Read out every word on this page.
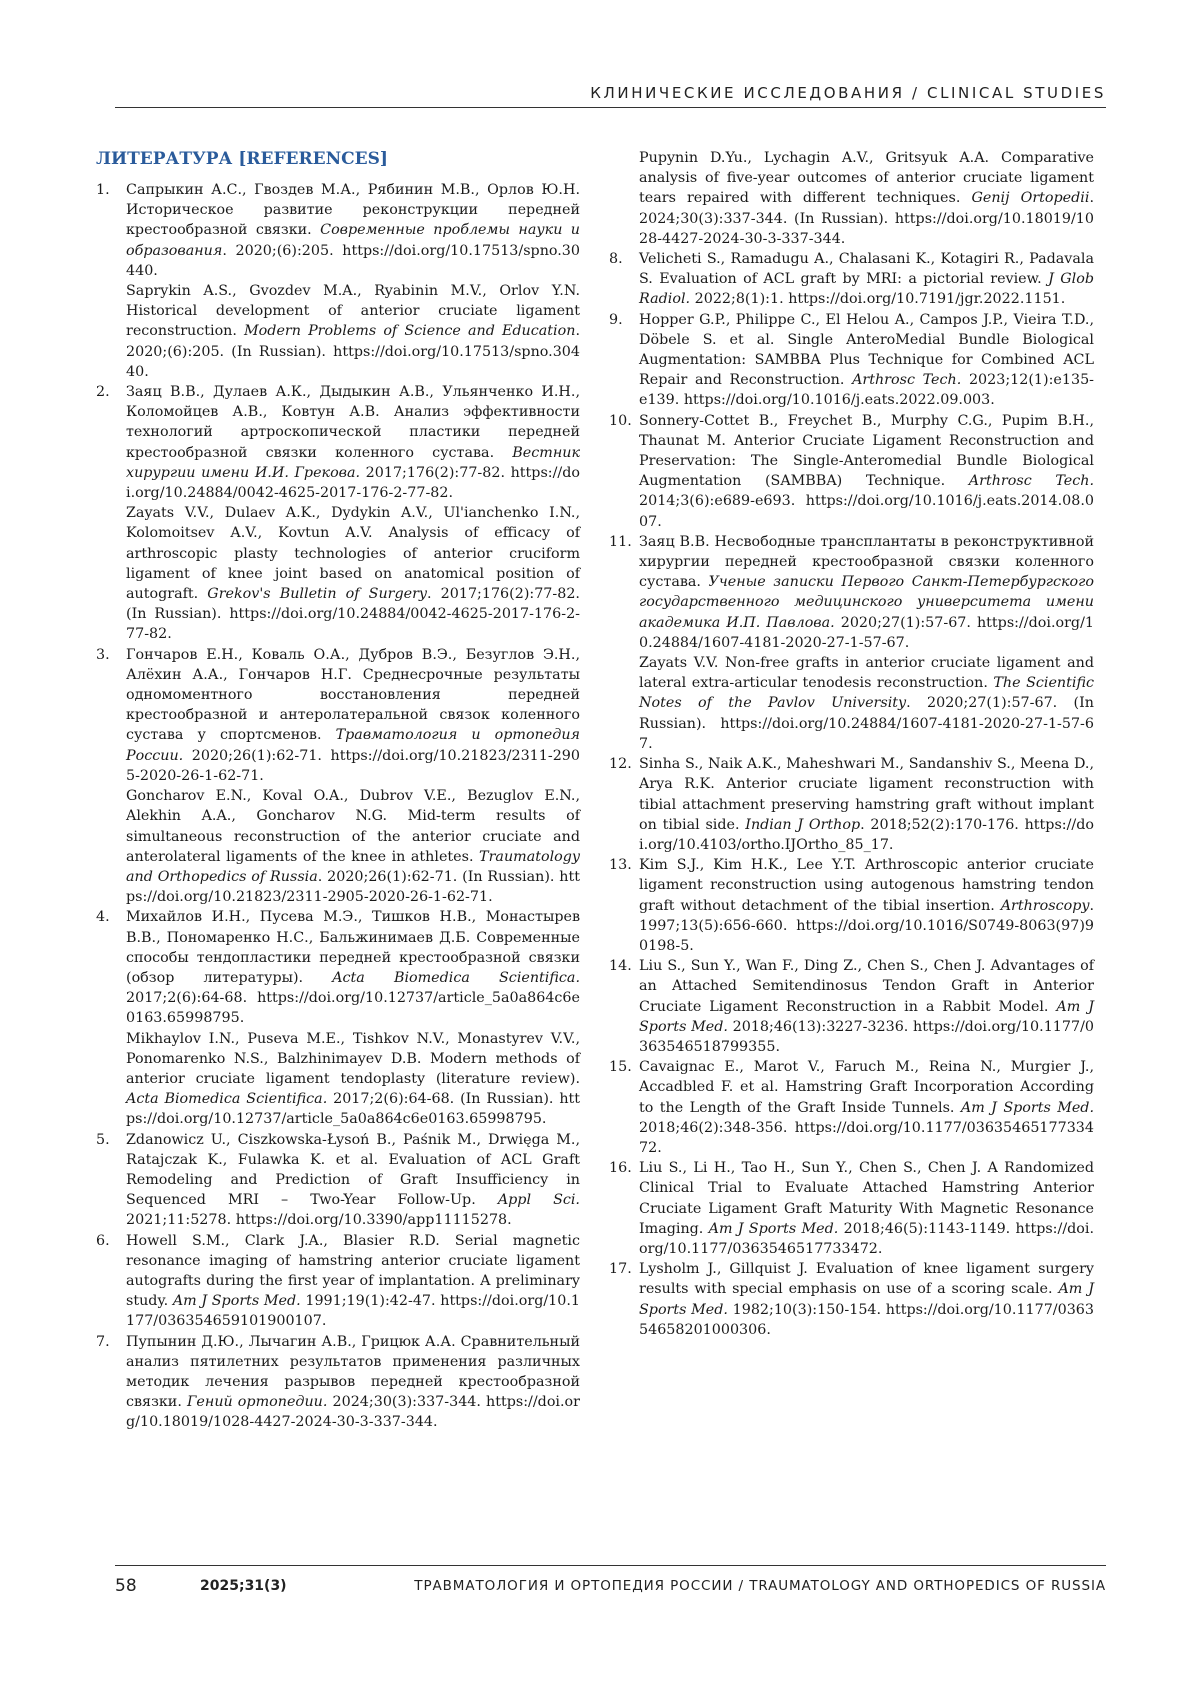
КЛИНИЧЕСКИЕ ИССЛЕДОВАНИЯ / CLINICAL STUDIES
ЛИТЕРАТУРА [REFERENCES]
1. Сапрыкин А.С., Гвоздев М.А., Рябинин М.В., Орлов Ю.Н. Историческое развитие реконструкции передней крестообразной связки. Современные проблемы науки и образования. 2020;(6):205. https://doi.org/10.17513/spno.30440.

Saprykin A.S., Gvozdev M.A., Ryabinin M.V., Orlov Y.N. Historical development of anterior cruciate ligament reconstruction. Modern Problems of Science and Education. 2020;(6):205. (In Russian). https://doi.org/10.17513/spno.30440.

2. Заяц В.В., Дулаев А.К., Дыдыкин А.В., Ульянченко И.Н., Коломойцев А.В., Ковтун А.В. Анализ эффективности технологий артроскопической пластики передней крестообразной связки коленного сустава. Вестник хирургии имени И.И. Грекова. 2017;176(2):77-82. https://doi.org/10.24884/0042-4625-2017-176-2-77-82.

Zayats V.V., Dulaev A.K., Dydykin A.V., Ul'ianchenko I.N., Kolomoitsev A.V., Kovtun A.V. Analysis of efficacy of arthroscopic plasty technologies of anterior cruciform ligament of knee joint based on anatomical position of autograft. Grekov's Bulletin of Surgery. 2017;176(2):77-82. (In Russian). https://doi.org/10.24884/0042-4625-2017-176-2-77-82.

3. Гончаров Е.Н., Коваль О.А., Дубров В.Э., Безуглов Э.Н., Алёхин А.А., Гончаров Н.Г. Среднесрочные результаты одномоментного восстановления передней крестообразной и антеролатеральной связок коленного сустава у спортсменов. Травматология и ортопедия России. 2020;26(1):62-71. https://doi.org/10.21823/2311-2905-2020-26-1-62-71.

Goncharov E.N., Koval O.A., Dubrov V.E., Bezuglov E.N., Alekhin A.A., Goncharov N.G. Mid-term results of simultaneous reconstruction of the anterior cruciate and anterolateral ligaments of the knee in athletes. Traumatology and Orthopedics of Russia. 2020;26(1):62-71. (In Russian). https://doi.org/10.21823/2311-2905-2020-26-1-62-71.

4. Михайлов И.Н., Пусева М.Э., Тишков Н.В., Монастырев В.В., Пономаренко Н.С., Бальжинимаев Д.Б. Современные способы тендопластики передней крестообразной связки (обзор литературы). Acta Biomedica Scientifica. 2017;2(6):64-68. https://doi.org/10.12737/article_5a0a864c6e0163.65998795.

Mikhaylov I.N., Puseva M.E., Tishkov N.V., Monastyrev V.V., Ponomarenko N.S., Balzhinimayev D.B. Modern methods of anterior cruciate ligament tendoplasty (literature review). Acta Biomedica Scientifica. 2017;2(6):64-68. (In Russian). https://doi.org/10.12737/article_5a0a864c6e0163.65998795.

5. Zdanowicz U., Ciszkowska-Łysoń B., Paśnik M., Drwięga M., Ratajczak K., Fulawka K. et al. Evaluation of ACL Graft Remodeling and Prediction of Graft Insufficiency in Sequenced MRI – Two-Year Follow-Up. Appl Sci. 2021;11:5278. https://doi.org/10.3390/app11115278.

6. Howell S.M., Clark J.A., Blasier R.D. Serial magnetic resonance imaging of hamstring anterior cruciate ligament autografts during the first year of implantation. A preliminary study. Am J Sports Med. 1991;19(1):42-47. https://doi.org/10.1177/036354659101900107.

7. Пупынин Д.Ю., Лычагин А.В., Грицюк А.А. Сравнительный анализ пятилетних результатов применения различных методик лечения разрывов передней крестообразной связки. Гений ортопедии. 2024;30(3):337-344. https://doi.org/10.18019/1028-4427-2024-30-3-337-344.

Pupynin D.Yu., Lychagin A.V., Gritsyuk A.A. Comparative analysis of five-year outcomes of anterior cruciate ligament tears repaired with different techniques. Genij Ortopedii. 2024;30(3):337-344. (In Russian). https://doi.org/10.18019/1028-4427-2024-30-3-337-344.

8. Velicheti S., Ramadugu A., Chalasani K., Kotagiri R., Padavala S. Evaluation of ACL graft by MRI: a pictorial review. J Glob Radiol. 2022;8(1):1. https://doi.org/10.7191/jgr.2022.1151.

9. Hopper G.P., Philippe C., El Helou A., Campos J.P., Vieira T.D., Döbele S. et al. Single AnteroMedial Bundle Biological Augmentation: SAMBBA Plus Technique for Combined ACL Repair and Reconstruction. Arthrosc Tech. 2023;12(1):e135-e139. https://doi.org/10.1016/j.eats.2022.09.003.

10. Sonnery-Cottet B., Freychet B., Murphy C.G., Pupim B.H., Thaunat M. Anterior Cruciate Ligament Reconstruction and Preservation: The Single-Anteromedial Bundle Biological Augmentation (SAMBBA) Technique. Arthrosc Tech. 2014;3(6):e689-e693. https://doi.org/10.1016/j.eats.2014.08.007.

11. Заяц В.В. Несвободные трансплантаты в реконструктивной хирургии передней крестообразной связки коленного сустава. Ученые записки Первого Санкт-Петербургского государственного медицинского университета имени академика И.П. Павлова. 2020;27(1):57-67. https://doi.org/10.24884/1607-4181-2020-27-1-57-67.

Zayats V.V. Non-free grafts in anterior cruciate ligament and lateral extra-articular tenodesis reconstruction. The Scientific Notes of the Pavlov University. 2020;27(1):57-67. (In Russian). https://doi.org/10.24884/1607-4181-2020-27-1-57-67.

12. Sinha S., Naik A.K., Maheshwari M., Sandanshiv S., Meena D., Arya R.K. Anterior cruciate ligament reconstruction with tibial attachment preserving hamstring graft without implant on tibial side. Indian J Orthop. 2018;52(2):170-176. https://doi.org/10.4103/ortho.IJOrtho_85_17.

13. Kim S.J., Kim H.K., Lee Y.T. Arthroscopic anterior cruciate ligament reconstruction using autogenous hamstring tendon graft without detachment of the tibial insertion. Arthroscopy. 1997;13(5):656-660. https://doi.org/10.1016/S0749-8063(97)90198-5.

14. Liu S., Sun Y., Wan F., Ding Z., Chen S., Chen J. Advantages of an Attached Semitendinosus Tendon Graft in Anterior Cruciate Ligament Reconstruction in a Rabbit Model. Am J Sports Med. 2018;46(13):3227-3236. https://doi.org/10.1177/0363546518799355.

15. Cavaignac E., Marot V., Faruch M., Reina N., Murgier J., Accadbled F. et al. Hamstring Graft Incorporation According to the Length of the Graft Inside Tunnels. Am J Sports Med. 2018;46(2):348-356. https://doi.org/10.1177/0363546517733472.

16. Liu S., Li H., Tao H., Sun Y., Chen S., Chen J. A Randomized Clinical Trial to Evaluate Attached Hamstring Anterior Cruciate Ligament Graft Maturity With Magnetic Resonance Imaging. Am J Sports Med. 2018;46(5):1143-1149. https://doi.org/10.1177/0363546517733472.

17. Lysholm J., Gillquist J. Evaluation of knee ligament surgery results with special emphasis on use of a scoring scale. Am J Sports Med. 1982;10(3):150-154. https://doi.org/10.1177/036354658201000306.

58	2025;31(3)	ТРАВМАТОЛОГИЯ И ОРТОПЕДИЯ РОССИИ / TRAUMATOLOGY AND ORTHOPEDICS OF RUSSIA
